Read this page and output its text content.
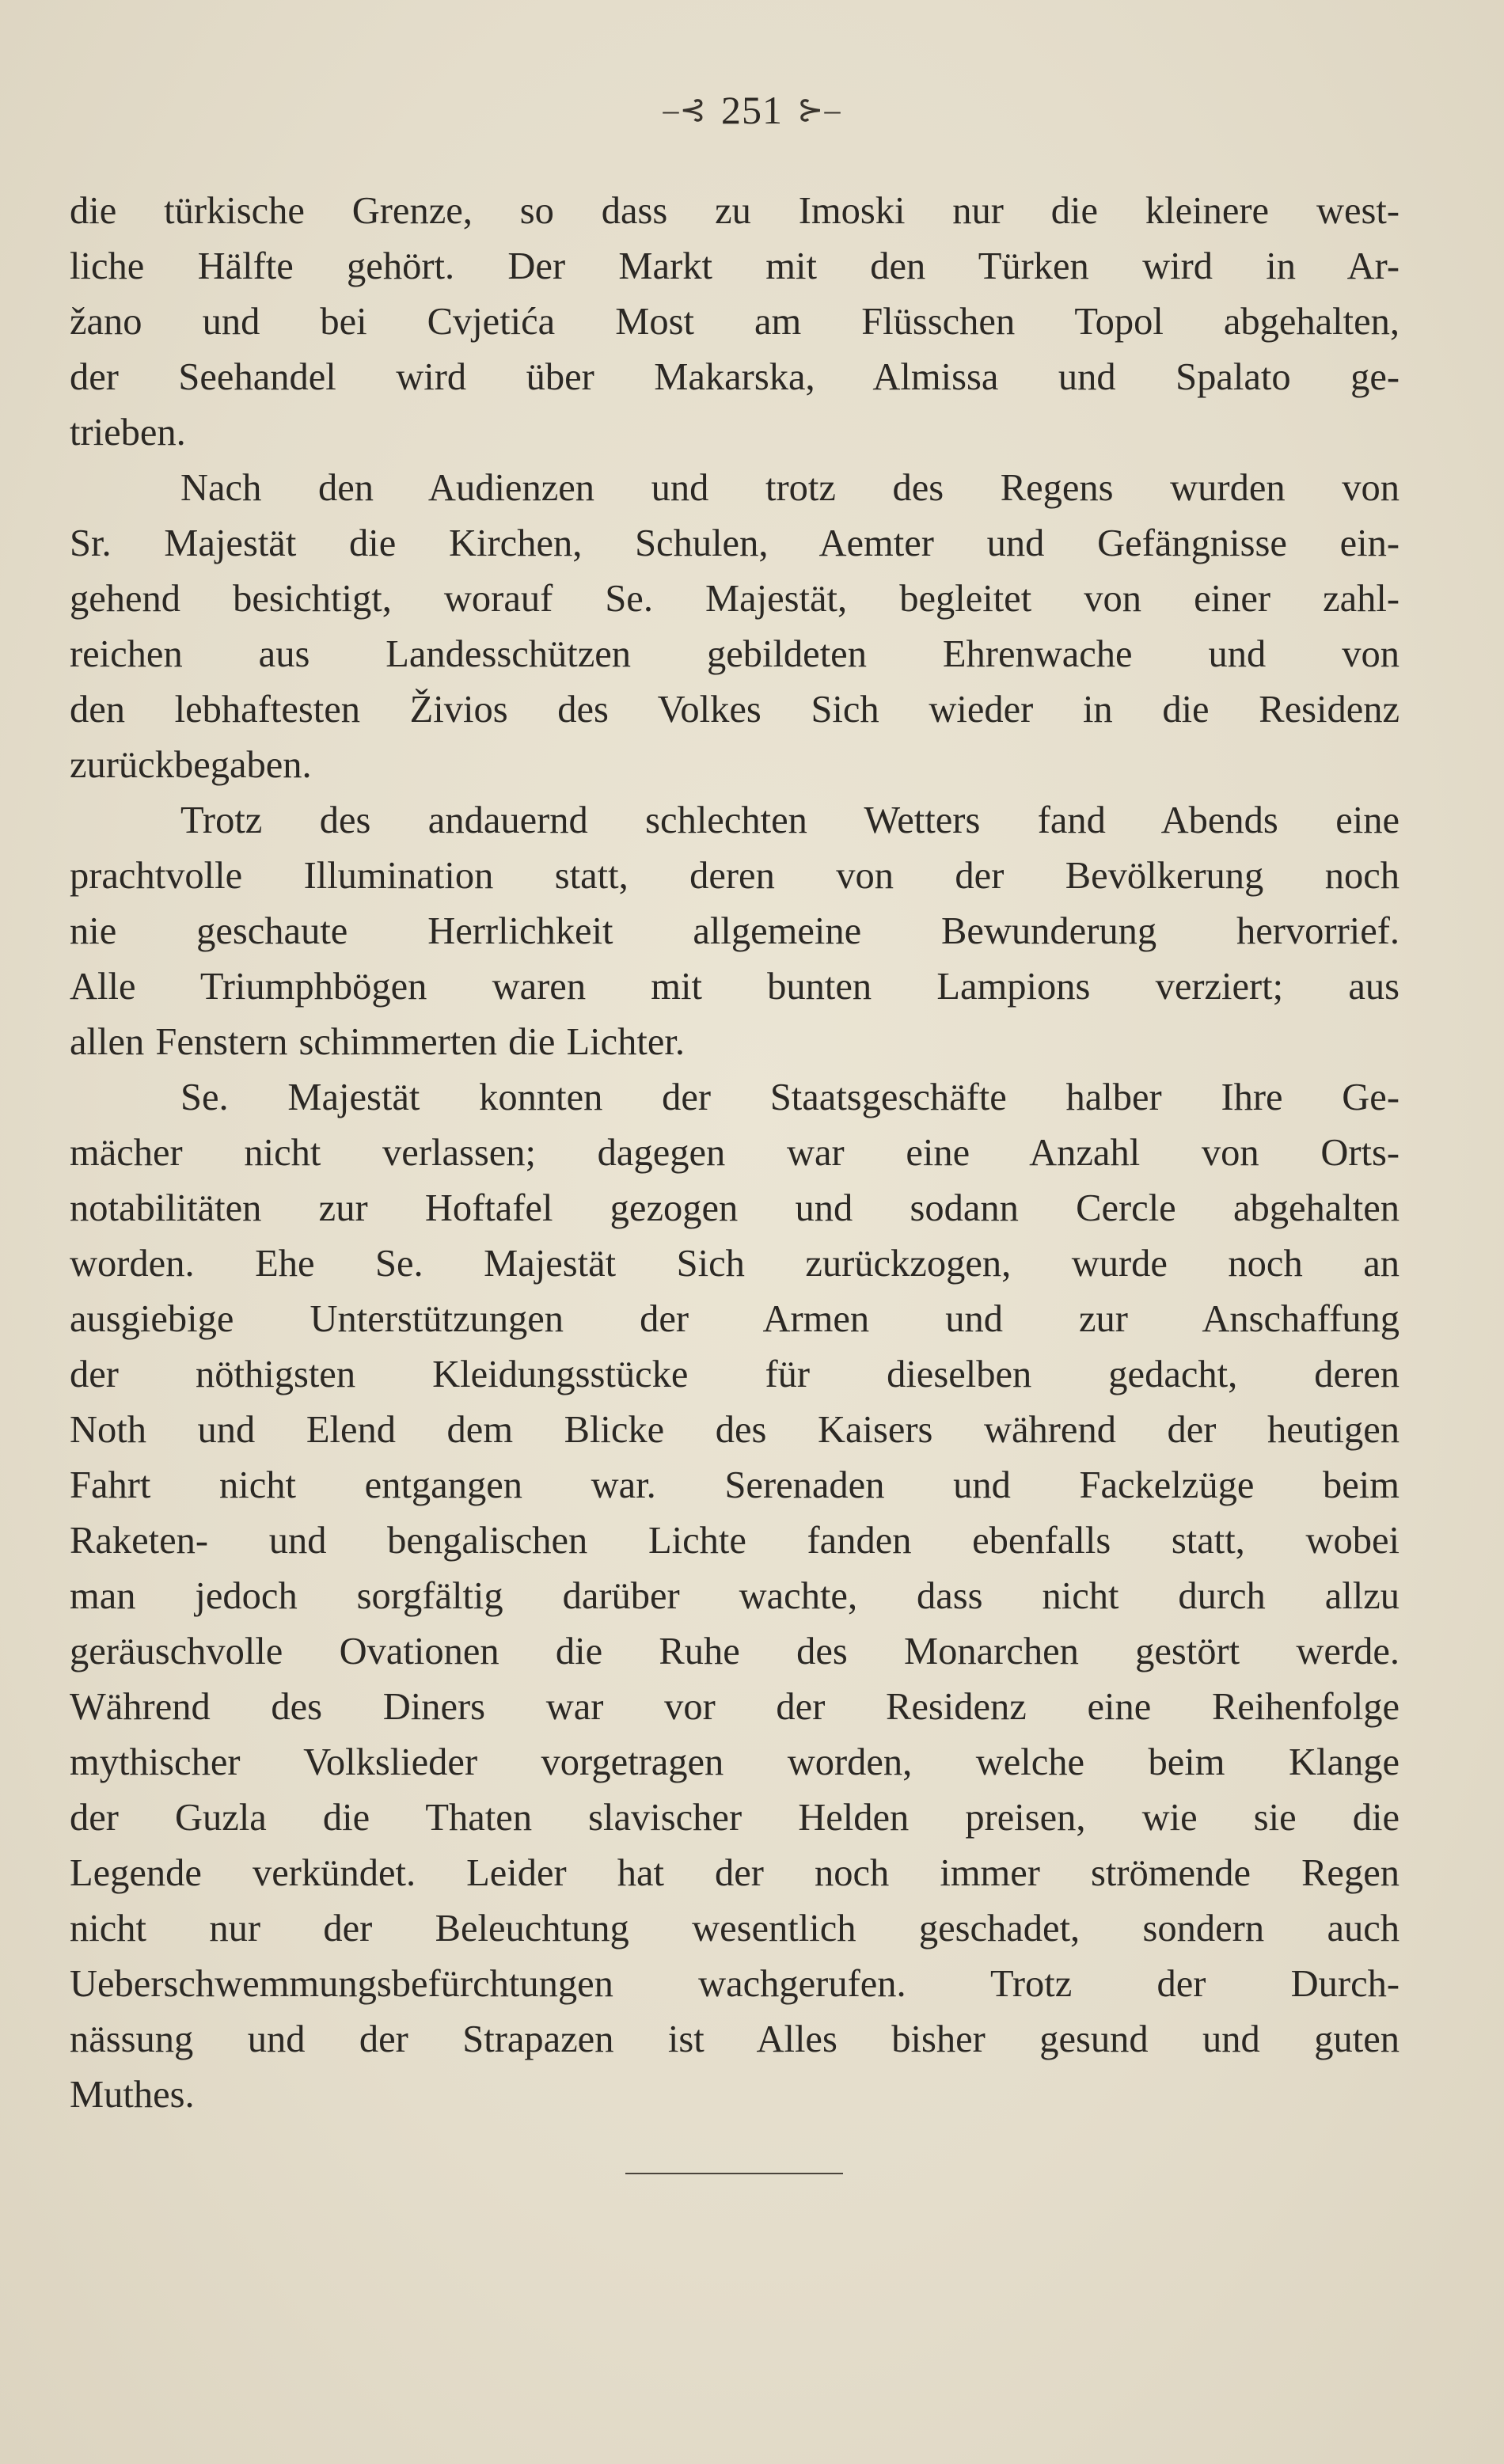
–⊰ 251 ⊱–
die türkische Grenze, so dass zu Imoski nur die kleinere west-
liche Hälfte gehört. Der Markt mit den Türken wird in Ar-
žano und bei Cvjetića Most am Flüsschen Topol abgehalten,
der Seehandel wird über Makarska, Almissa und Spalato ge-
trieben.
Nach den Audienzen und trotz des Regens wurden von
Sr. Majestät die Kirchen, Schulen, Aemter und Gefängnisse ein-
gehend besichtigt, worauf Se. Majestät, begleitet von einer zahl-
reichen aus Landesschützen gebildeten Ehrenwache und von
den lebhaftesten Živios des Volkes Sich wieder in die Residenz
zurückbegaben.
Trotz des andauernd schlechten Wetters fand Abends eine
prachtvolle Illumination statt, deren von der Bevölkerung noch
nie geschaute Herrlichkeit allgemeine Bewunderung hervorrief.
Alle Triumphbögen waren mit bunten Lampions verziert; aus
allen Fenstern schimmerten die Lichter.
Se. Majestät konnten der Staatsgeschäfte halber Ihre Ge-
mächer nicht verlassen; dagegen war eine Anzahl von Orts-
notabilitäten zur Hoftafel gezogen und sodann Cercle abgehalten
worden. Ehe Se. Majestät Sich zurückzogen, wurde noch an
ausgiebige Unterstützungen der Armen und zur Anschaffung
der nöthigsten Kleidungsstücke für dieselben gedacht, deren
Noth und Elend dem Blicke des Kaisers während der heutigen
Fahrt nicht entgangen war. Serenaden und Fackelzüge beim
Raketen- und bengalischen Lichte fanden ebenfalls statt, wobei
man jedoch sorgfältig darüber wachte, dass nicht durch allzu
geräuschvolle Ovationen die Ruhe des Monarchen gestört werde.
Während des Diners war vor der Residenz eine Reihenfolge
mythischer Volkslieder vorgetragen worden, welche beim Klange
der Guzla die Thaten slavischer Helden preisen, wie sie die
Legende verkündet. Leider hat der noch immer strömende Regen
nicht nur der Beleuchtung wesentlich geschadet, sondern auch
Ueberschwemmungsbefürchtungen wachgerufen. Trotz der Durch-
nässung und der Strapazen ist Alles bisher gesund und guten
Muthes.
